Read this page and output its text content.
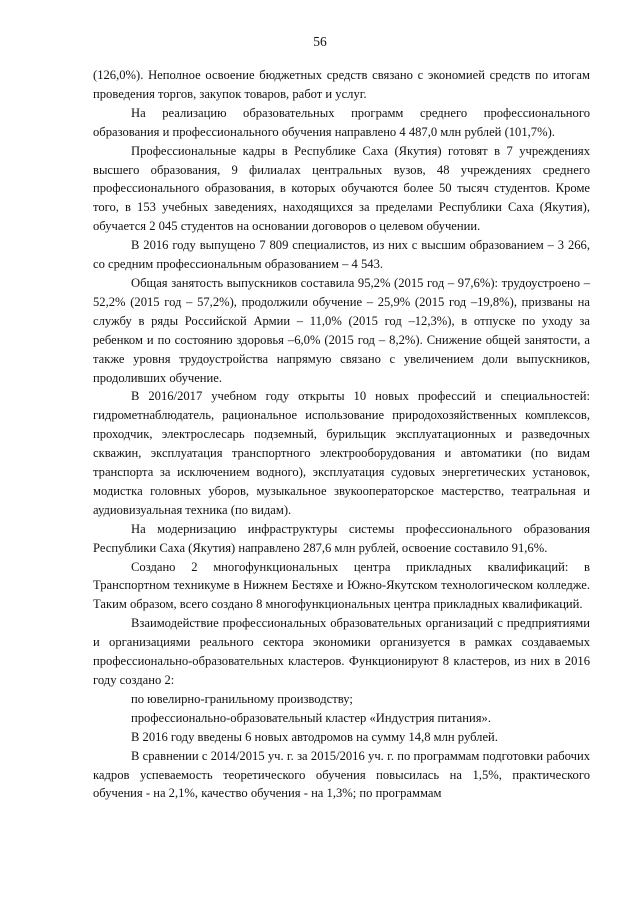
56

(126,0%). Неполное освоение бюджетных средств связано с экономией средств по итогам проведения торгов, закупок товаров, работ и услуг.

На реализацию образовательных программ среднего профессионального образования и профессионального обучения направлено 4 487,0 млн рублей (101,7%).

Профессиональные кадры в Республике Саха (Якутия) готовят в 7 учреждениях высшего образования, 9 филиалах центральных вузов, 48 учреждениях среднего профессионального образования, в которых обучаются более 50 тысяч студентов. Кроме того, в 153 учебных заведениях, находящихся за пределами Республики Саха (Якутия), обучается 2 045 студентов на основании договоров о целевом обучении.

В 2016 году выпущено 7 809 специалистов, из них с высшим образованием – 3 266, со средним профессиональным образованием – 4 543.

Общая занятость выпускников составила 95,2% (2015 год – 97,6%): трудоустроено – 52,2% (2015 год – 57,2%), продолжили обучение – 25,9% (2015 год –19,8%), призваны на службу в ряды Российской Армии – 11,0% (2015 год –12,3%), в отпуске по уходу за ребенком и по состоянию здоровья –6,0% (2015 год – 8,2%). Снижение общей занятости, а также уровня трудоустройства напрямую связано с увеличением доли выпускников, продоливших обучение.

В 2016/2017 учебном году открыты 10 новых профессий и специальностей: гидрометнаблюдатель, рациональное использование природохозяйственных комплексов, проходчик, электрослесарь подземный, бурильщик эксплуатационных и разведочных скважин, эксплуатация транспортного электрооборудования и автоматики (по видам транспорта за исключением водного), эксплуатация судовых энергетических установок, модистка головных уборов, музыкальное звукооператорское мастерство, театральная и аудиовизуальная техника (по видам).

На модернизацию инфраструктуры системы профессионального образования Республики Саха (Якутия) направлено 287,6 млн рублей, освоение составило 91,6%.

Создано 2 многофункциональных центра прикладных квалификаций: в Транспортном техникуме в Нижнем Бестяхе и Южно-Якутском технологическом колледже. Таким образом, всего создано 8 многофункциональных центра прикладных квалификаций.

Взаимодействие профессиональных образовательных организаций с предприятиями и организациями реального сектора экономики организуется в рамках создаваемых профессионально-образовательных кластеров. Функционируют 8 кластеров, из них в 2016 году создано 2:

по ювелирно-гранильному производству;

профессионально-образовательный кластер «Индустрия питания».

В 2016 году введены 6 новых автодромов на сумму 14,8 млн рублей.

В сравнении с 2014/2015 уч. г. за 2015/2016 уч. г. по программам подготовки рабочих кадров успеваемость теоретического обучения повысилась на 1,5%, практического обучения - на 2,1%, качество обучения - на 1,3%; по программам
